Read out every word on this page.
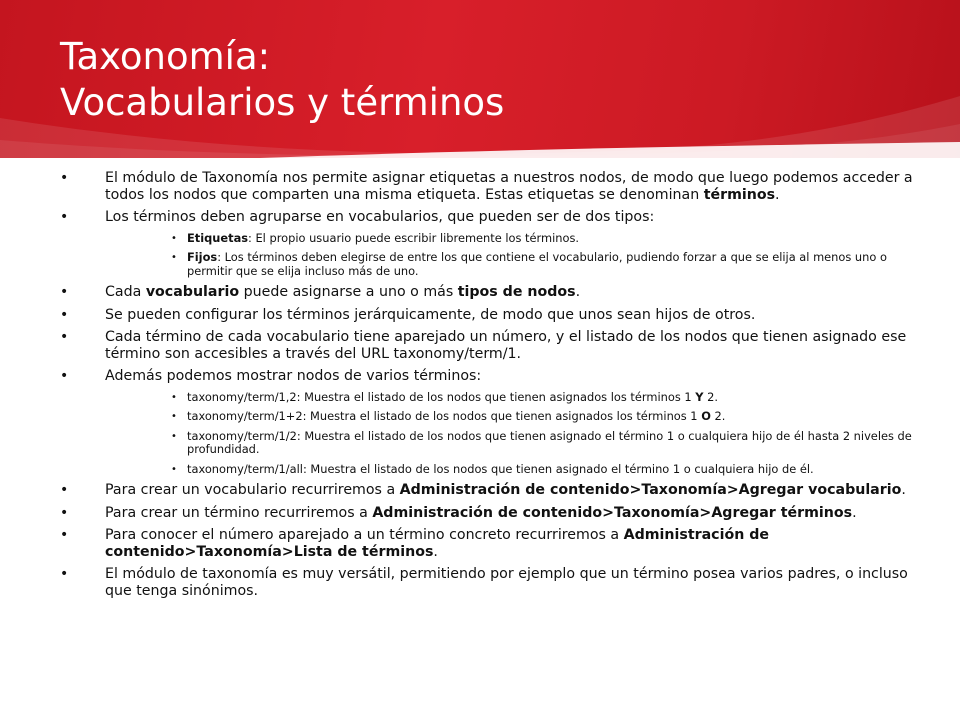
Taxonomía:
Vocabularios y términos
• El módulo de Taxonomía nos permite asignar etiquetas a nuestros nodos, de modo que luego podemos acceder a todos los nodos que comparten una misma etiqueta. Estas etiquetas se denominan términos.
• Los términos deben agruparse en vocabularios, que pueden ser de dos tipos:
• Etiquetas: El propio usuario puede escribir libremente los términos.
• Fijos: Los términos deben elegirse de entre los que contiene el vocabulario, pudiendo forzar a que se elija al menos uno o permitir que se elija incluso más de uno.
• Cada vocabulario puede asignarse a uno o más tipos de nodos.
• Se pueden configurar los términos jerárquicamente, de modo que unos sean hijos de otros.
• Cada término de cada vocabulario tiene aparejado un número, y el listado de los nodos que tienen asignado ese término son accesibles a través del URL taxonomy/term/1.
• Además podemos mostrar nodos de varios términos:
• taxonomy/term/1,2: Muestra el listado de los nodos que tienen asignados los términos 1 Y 2.
• taxonomy/term/1+2: Muestra el listado de los nodos que tienen asignados los términos 1 O 2.
• taxonomy/term/1/2: Muestra el listado de los nodos que tienen asignado el término 1 o cualquiera hijo de él hasta 2 niveles de profundidad.
• taxonomy/term/1/all: Muestra el listado de los nodos que tienen asignado el término 1 o cualquiera hijo de él.
• Para crear un vocabulario recurriremos a Administración de contenido>Taxonomía>Agregar vocabulario.
• Para crear un término recurriremos a Administración de contenido>Taxonomía>Agregar términos.
• Para conocer el número aparejado a un término concreto recurriremos a Administración de contenido>Taxonomía>Lista de términos.
• El módulo de taxonomía es muy versátil, permitiendo por ejemplo que un término posea varios padres, o incluso que tenga sinónimos.
